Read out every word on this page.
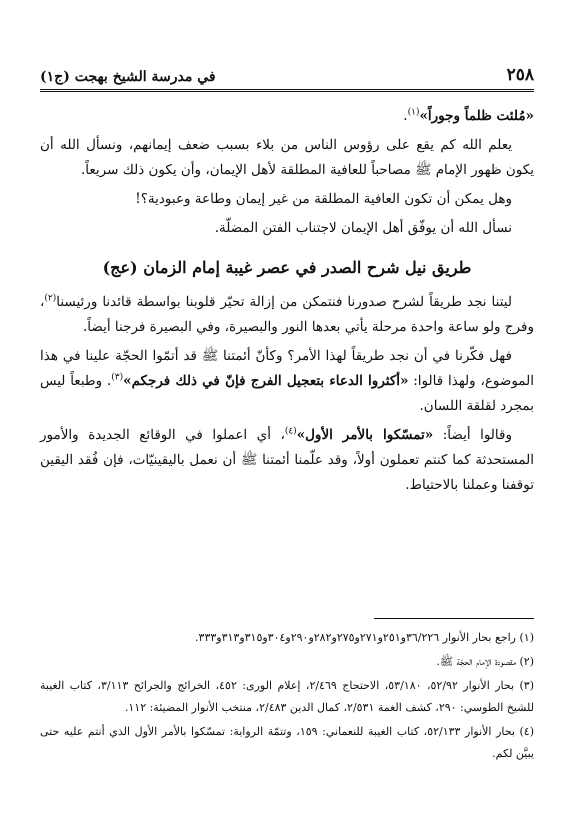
٢٥٨
في مدرسة الشيخ بهجت (ج١)

«مُلئت ظلماً وجوراً»$^{(١)}$.

يعلم الله كم يقع على رؤوس الناس من بلاء بسبب ضعف إيمانهم، ونسأل الله أن يكون ظهور الإمام ﷺ مصاحباً للعافية المطلقة لأهل الإيمان، وأن يكون ذلك سريعاً.

وهل يمكن أن تكون العافية المطلقة من غير إيمان وطاعة وعبودية؟!

نسأل الله أن يوفّق أهل الإيمان لاجتناب الفتن المضلّة.

طريق نيل شرح الصدر في عصر غيبة إمام الزمان (عج)

ليتنا نجد طريقاً لشرح صدورنا فنتمكن من إزالة تحيّر قلوبنا بواسطة قائدنا ورئيسنا$^{(٢)}$، وفرج ولو ساعة واحدة مرحلة يأتي بعدها النور والبصيرة، وفي البصيرة فرجنا أيضاً.

فهل فكّرنا في أن نجد طريقاً لهذا الأمر؟ وكأنّ أئمتنا ﷺ قد أتمّوا الحجّة علينا في هذا الموضوع، ولهذا قالوا: «أكثروا الدعاء بتعجيل الفرج فإنّ في ذلك فرجكم»$^{(٣)}$. وطبعاً ليس بمجرد لقلقة اللسان.

وقالوا أيضاً: «تمسّكوا بالأمر الأول»$^{(٤)}$، أي اعملوا في الوقائع الجديدة والأمور المستحدثة كما كنتم تعملون أولاً، وقد علّمنا أئمتنا ﷺ أن نعمل باليقينيّات، فإن فُقد اليقين توقفنا وعملنا بالاحتياط.

(١) راجع بحار الأنوار ٣٦/٢٢٦و٢٥١و٢٧١و٢٧٥و٢٨٢و٢٩٠و٣٠٤و٣١٥و٣١٣و٣٣٣.

(٢) مقصودة الإمام الحجّة ﷺ.

(٣) بحار الأنوار ٥٢/٩٢، ٥٣/١٨٠، الاحتجاج ٢/٤٦٩، إعلام الورى: ٤٥٢، الخرائج والجرائح ٣/١١٣، كتاب الغيبة للشيخ الطوسي: ٢٩٠، كشف الغمة ٢/٥٣١، كمال الدين ٢/٤٨٣، منتخب الأنوار المضيئة: ١١٢.

(٤) بحار الأنوار ٥٢/١٣٣، كتاب الغيبة للنعماني: ١٥٩، وتتمّة الرواية: تمسّكوا بالأمر الأول الذي أنتم عليه حتى يبيَّن لكم.
